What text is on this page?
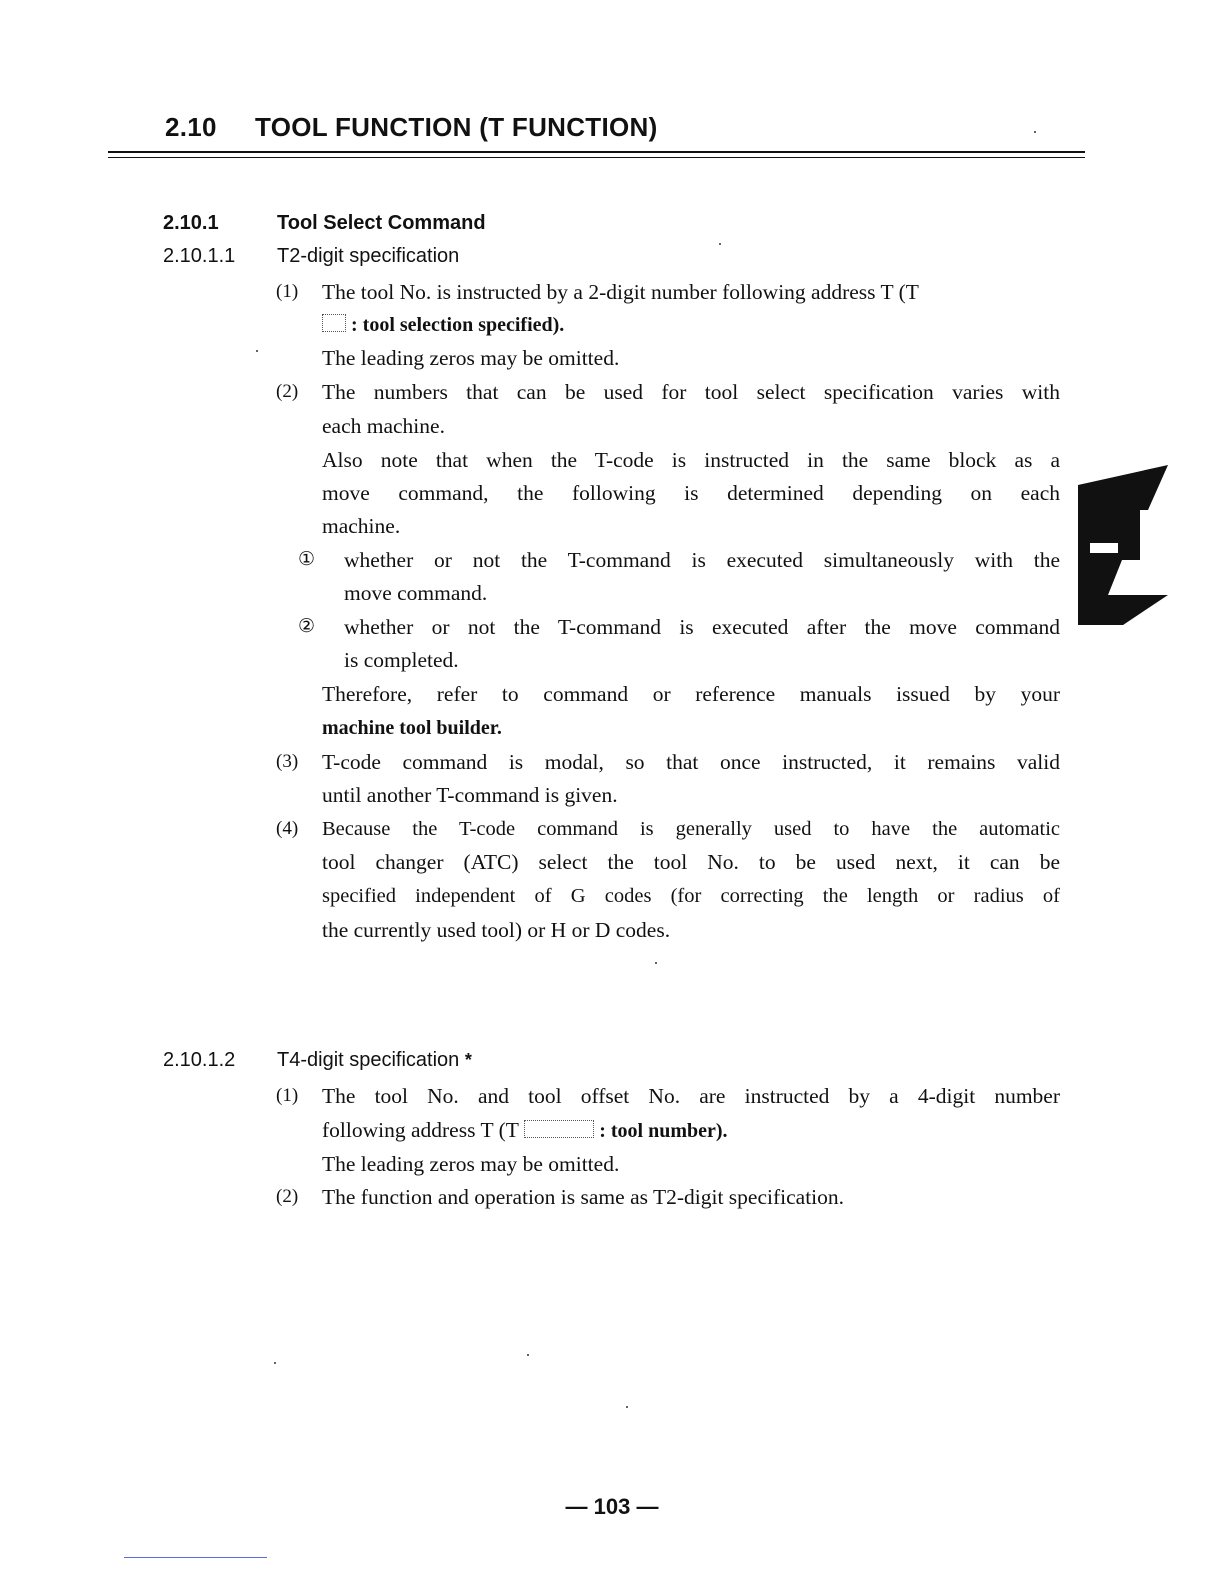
2.10 TOOL FUNCTION (T FUNCTION)
2.10.1	Tool Select Command
2.10.1.1 T2-digit specification
(1) The tool No. is instructed by a 2-digit number following address T (T
: tool selection specified).
The leading zeros may be omitted.
(2) The numbers that can be used for tool select specification varies with
each machine.
Also note that when the T-code is instructed in the same block as a
move command, the following is determined depending on each
machine.
① whether or not the T-command is executed simultaneously with the
move command.
② whether or not the T-command is executed after the move command
is completed.
Therefore, refer to command or reference manuals issued by your
machine tool builder.
(3) T-code command is modal, so that once instructed, it remains valid
until another T-command is given.
(4) Because the T-code command is generally used to have the automatic
tool changer (ATC) select the tool No. to be used next, it can be
specified independent of G codes (for correcting the length or radius of
the currently used tool) or H or D codes.
2.10.1.2 T4-digit specification *
(1) The tool No. and tool offset No. are instructed by a 4-digit number
following address T (T	: tool number).
The leading zeros may be omitted.
(2) The function and operation is same as T2-digit specification.
— 103 —
